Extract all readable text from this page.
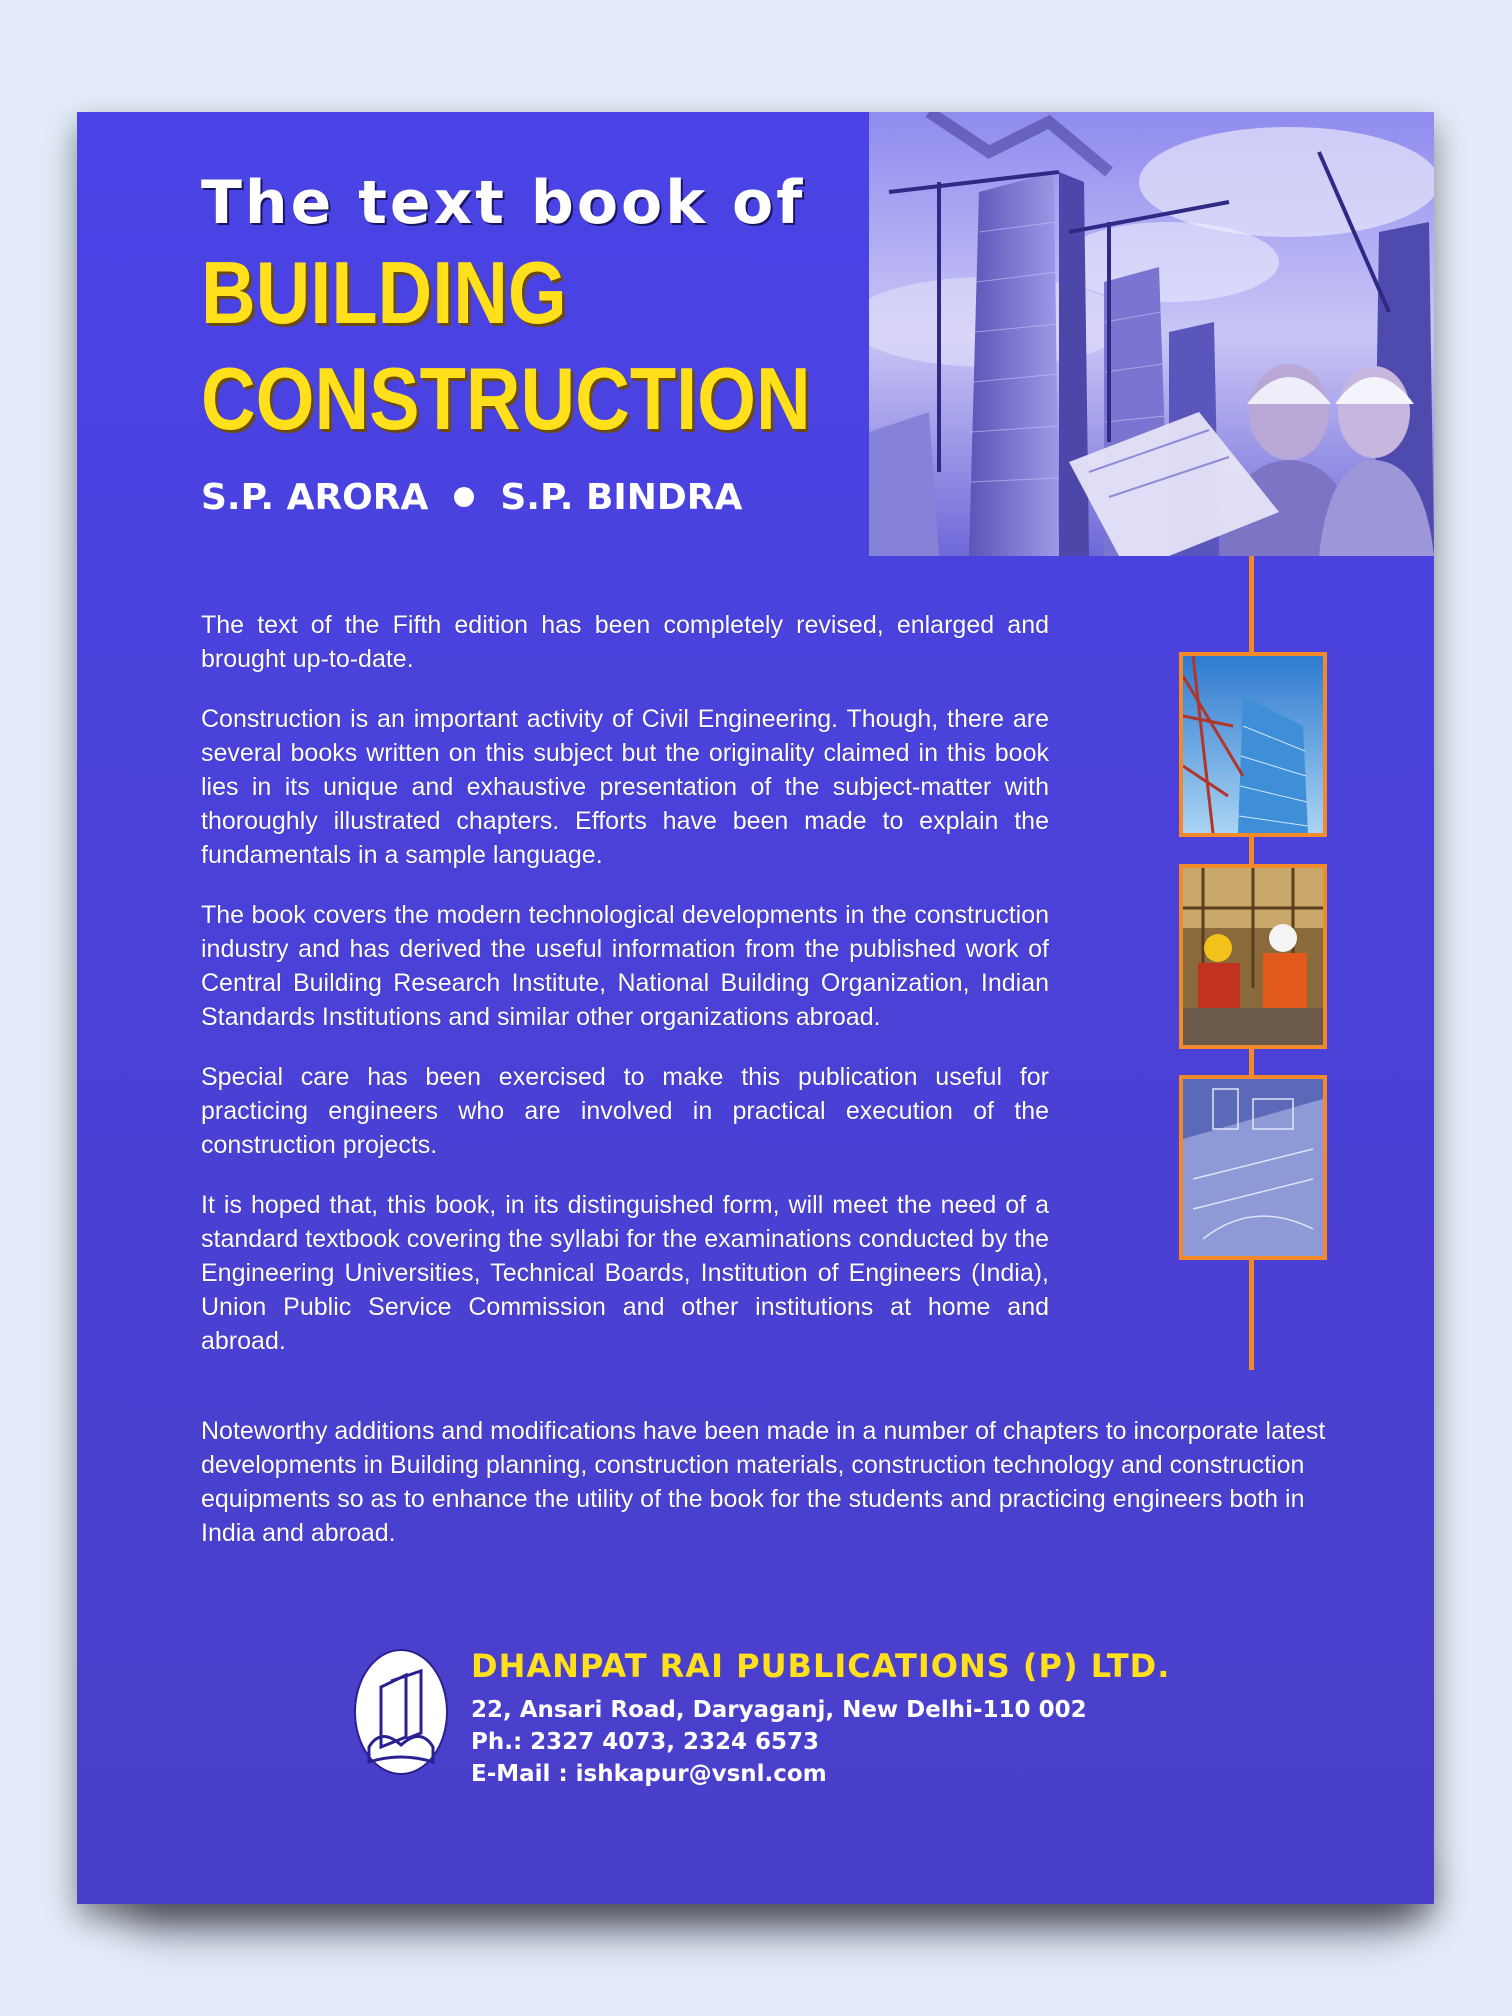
The text book of
BUILDING
CONSTRUCTION
S.P. ARORA S.P. BINDRA

The text of the Fifth edition has been completely revised, enlarged and brought up-to-date.

Construction is an important activity of Civil Engineering. Though, there are several books written on this subject but the originality claimed in this book lies in its unique and exhaustive presentation of the subject-matter with thoroughly illustrated chapters. Efforts have been made to explain the fundamentals in a sample language.

The book covers the modern technological developments in the construction industry and has derived the useful information from the published work of Central Building Research Institute, National Building Organization, Indian Standards Institutions and similar other organizations abroad.

Special care has been exercised to make this publication useful for practicing engineers who are involved in practical execution of the construction projects.

It is hoped that, this book, in its distinguished form, will meet the need of a standard textbook covering the syllabi for the examinations conducted by the Engineering Universities, Technical Boards, Institution of Engineers (India), Union Public Service Commission and other institutions at home and abroad.

Noteworthy additions and modifications have been made in a number of chapters to incorporate latest developments in Building planning, construction materials, construction technology and construction equipments so as to enhance the utility of the book for the students and practicing engineers both in India and abroad.

DHANPAT RAI PUBLICATIONS (P) LTD.

22, Ansari Road, Daryaganj, New Delhi-110 002

Ph.: 2327 4073, 2324 6573

E-Mail : ishkapur@vsnl.com
